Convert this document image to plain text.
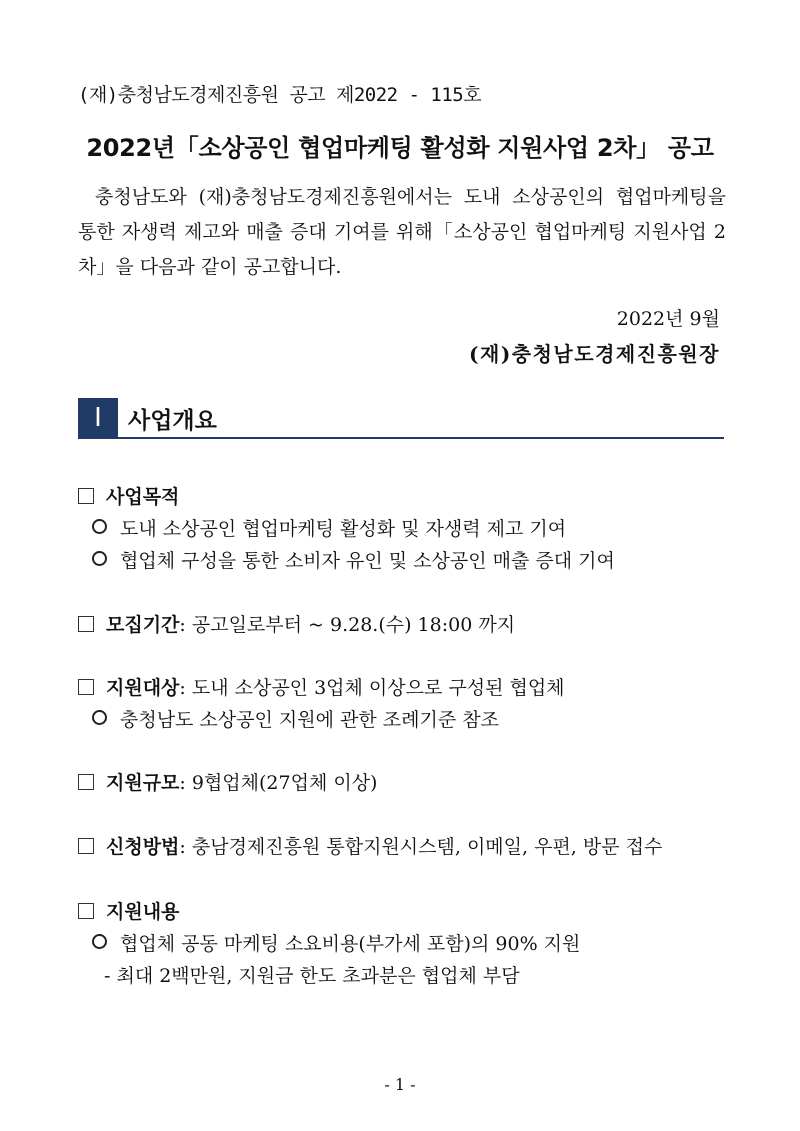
(재)충청남도경제진흥원 공고 제2022 - 115호
2022년「소상공인 협업마케팅 활성화 지원사업 2차」 공고

충청남도와 (재)충청남도경제진흥원에서는 도내 소상공인의 협업마케팅을 통한 자생력 제고와 매출 증대 기여를 위해「소상공인 협업마케팅 지원사업 2차」을 다음과 같이 공고합니다.

2022년 9월
(재)충청남도경제진흥원장
Ⅰ	사업개요
사업목적
도내 소상공인 협업마케팅 활성화 및 자생력 제고 기여
협업체 구성을 통한 소비자 유인 및 소상공인 매출 증대 기여
모집기간: 공고일로부터 ~ 9.28.(수) 18:00 까지
지원대상: 도내 소상공인 3업체 이상으로 구성된 협업체
충청남도 소상공인 지원에 관한 조례기준 참조
지원규모: 9협업체(27업체 이상)
신청방법: 충남경제진흥원 통합지원시스템, 이메일, 우편, 방문 접수
지원내용
협업체 공동 마케팅 소요비용(부가세 포함)의 90% 지원
- 최대 2백만원, 지원금 한도 초과분은 협업체 부담
- 1 -
